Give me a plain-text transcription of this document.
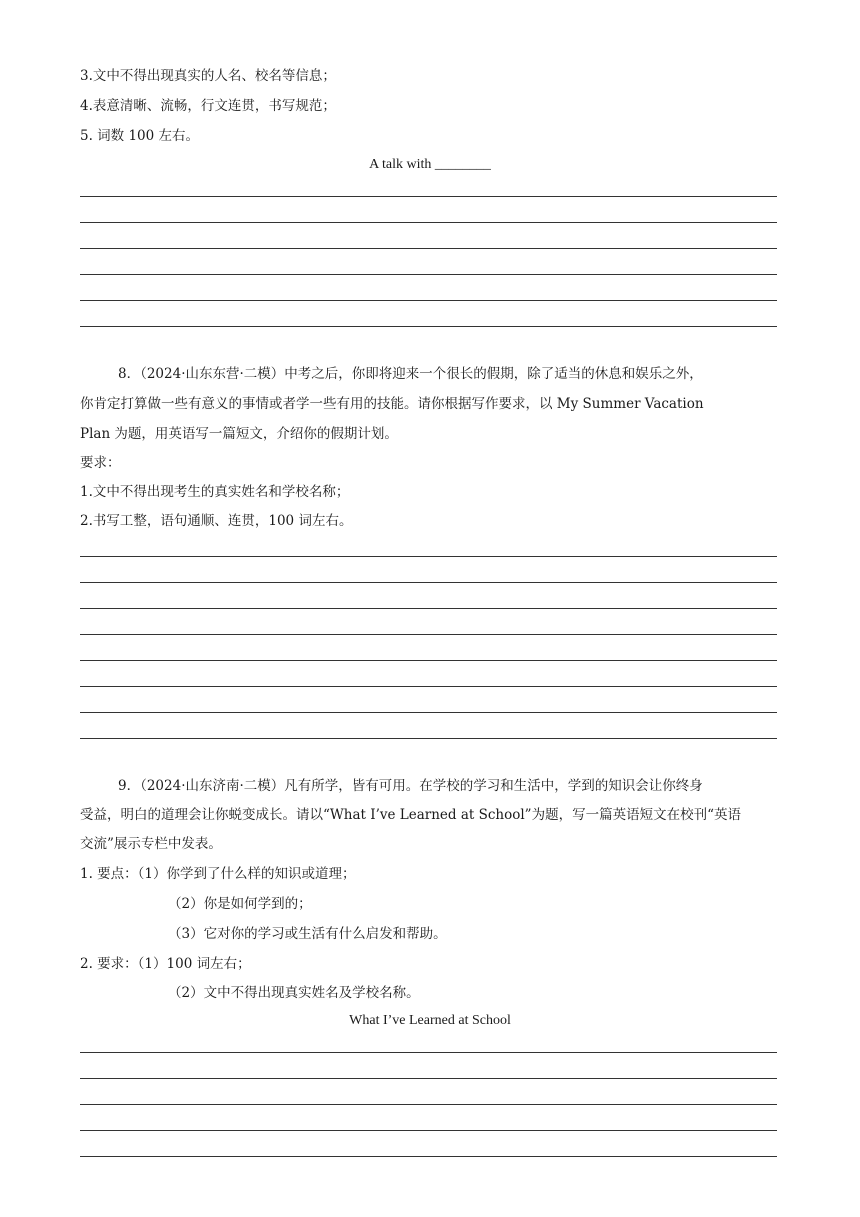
3.文中不得出现真实的人名、校名等信息；
4.表意清晰、流畅，行文连贯，书写规范；
5. 词数 100 左右。
A talk with ________
8．（2024·山东东营·二模）中考之后，你即将迎来一个很长的假期，除了适当的休息和娱乐之外，
你肯定打算做一些有意义的事情或者学一些有用的技能。请你根据写作要求，以 My Summer Vacation
Plan 为题，用英语写一篇短文，介绍你的假期计划。
要求：
1.文中不得出现考生的真实姓名和学校名称；
2.书写工整，语句通顺、连贯，100 词左右。
9．（2024·山东济南·二模）凡有所学，皆有可用。在学校的学习和生活中，学到的知识会让你终身
受益，明白的道理会让你蜕变成长。请以“What I’ve Learned at School”为题，写一篇英语短文在校刊“英语
交流”展示专栏中发表。
1. 要点：（1）你学到了什么样的知识或道理；
（2）你是如何学到的；
（3）它对你的学习或生活有什么启发和帮助。
2. 要求：（1）100 词左右；
（2）文中不得出现真实姓名及学校名称。
What I’ve Learned at School
